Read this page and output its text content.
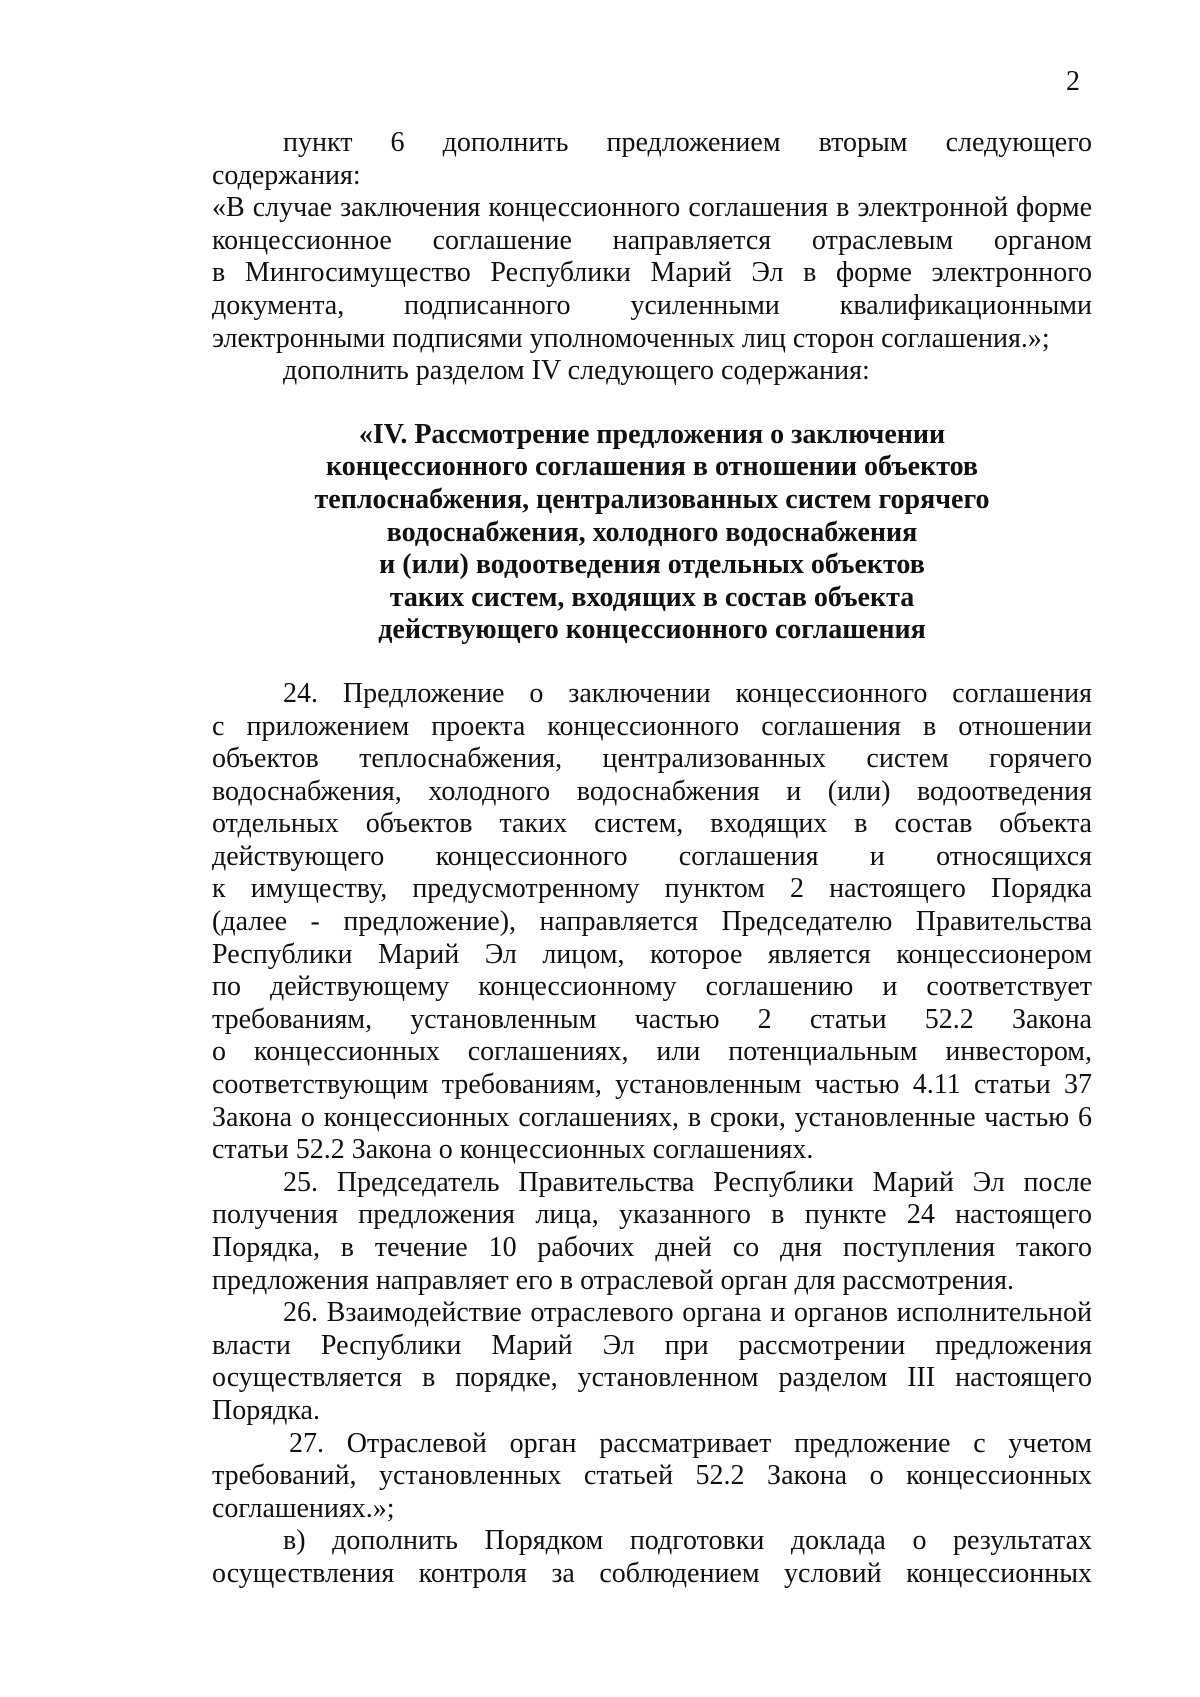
2
пункт 6 дополнить предложением вторым следующего содержания:
«В случае заключения концессионного соглашения в электронной форме
концессионное соглашение направляется отраслевым органом
в Мингосимущество Республики Марий Эл в форме электронного
документа, подписанного усиленными квалификационными
электронными подписями уполномоченных лиц сторон соглашения.»;
дополнить разделом IV следующего содержания:
«IV. Рассмотрение предложения о заключении
концессионного соглашения в отношении объектов
теплоснабжения, централизованных систем горячего
водоснабжения, холодного водоснабжения
и (или) водоотведения отдельных объектов
таких систем, входящих в состав объекта
действующего концессионного соглашения
24. Предложение о заключении концессионного соглашения
с приложением проекта концессионного соглашения в отношении
объектов теплоснабжения, централизованных систем горячего
водоснабжения, холодного водоснабжения и (или) водоотведения
отдельных объектов таких систем, входящих в состав объекта
действующего концессионного соглашения и относящихся
к имуществу, предусмотренному пунктом 2 настоящего Порядка
(далее - предложение), направляется Председателю Правительства
Республики Марий Эл лицом, которое является концессионером
по действующему концессионному соглашению и соответствует
требованиям, установленным частью 2 статьи 52.2 Закона
о концессионных соглашениях, или потенциальным инвестором,
соответствующим требованиям, установленным частью 4.11 статьи 37
Закона о концессионных соглашениях, в сроки, установленные частью 6
статьи 52.2 Закона о концессионных соглашениях.
25. Председатель Правительства Республики Марий Эл после
получения предложения лица, указанного в пункте 24 настоящего
Порядка, в течение 10 рабочих дней со дня поступления такого
предложения направляет его в отраслевой орган для рассмотрения.
26. Взаимодействие отраслевого органа и органов исполнительной
власти Республики Марий Эл при рассмотрении предложения
осуществляется в порядке, установленном разделом III настоящего
Порядка.
27. Отраслевой орган рассматривает предложение с учетом
требований, установленных статьей 52.2 Закона о концессионных
соглашениях.»;
в) дополнить Порядком подготовки доклада о результатах
осуществления контроля за соблюдением условий концессионных
